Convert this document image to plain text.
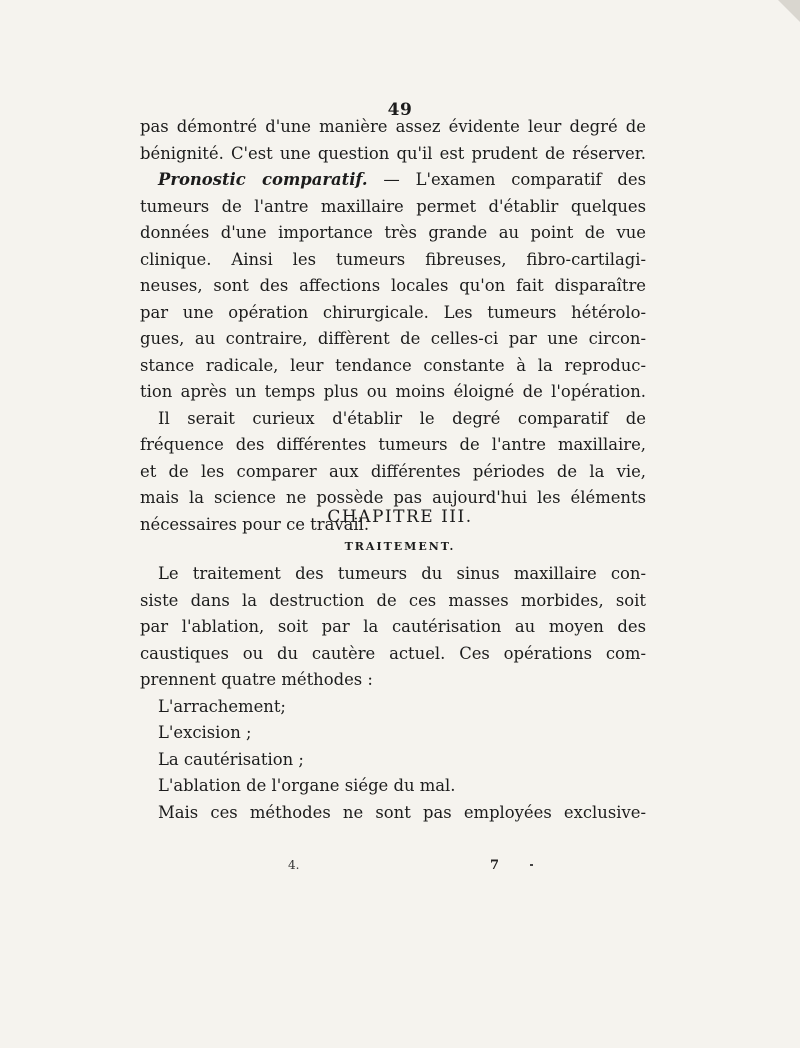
49
pas démontré d'une manière assez évidente leur degré de
bénignité. C'est une question qu'il est prudent de réserver.
Pronostic comparatif. — L'examen comparatif des
tumeurs de l'antre maxillaire permet d'établir quelques
données d'une importance très grande au point de vue
clinique. Ainsi les tumeurs fibreuses, fibro-cartilagi-
neuses, sont des affections locales qu'on fait disparaître
par une opération chirurgicale. Les tumeurs hétérolo-
gues, au contraire, diffèrent de celles-ci par une circon-
stance radicale, leur tendance constante à la reproduc-
tion après un temps plus ou moins éloigné de l'opération.
Il serait curieux d'établir le degré comparatif de
fréquence des différentes tumeurs de l'antre maxillaire,
et de les comparer aux différentes périodes de la vie,
mais la science ne possède pas aujourd'hui les éléments
nécessaires pour ce travail.
CHAPITRE III.
TRAITEMENT.
Le traitement des tumeurs du sinus maxillaire con-
siste dans la destruction de ces masses morbides, soit
par l'ablation, soit par la cautérisation au moyen des
caustiques ou du cautère actuel. Ces opérations com-
prennent quatre méthodes :
L'arrachement;
L'excision ;
La cautérisation ;
L'ablation de l'organe siége du mal.
Mais ces méthodes ne sont pas employées exclusive-
4.	7
